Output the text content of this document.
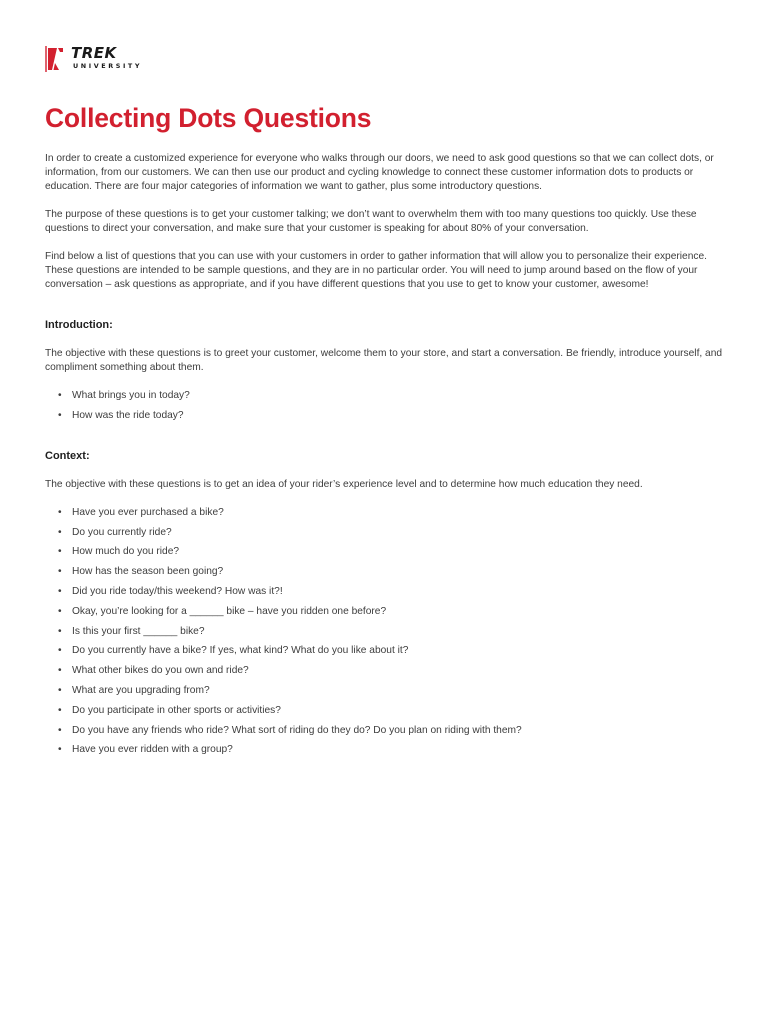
TREK
UNIVERSITY
Collecting Dots Questions

In order to create a customized experience for everyone who walks through our doors, we need to ask good questions so that we can collect dots, or information, from our customers. We can then use our product and cycling knowledge to connect these customer information dots to products or education. There are four major categories of information we want to gather, plus some introductory questions.

The purpose of these questions is to get your customer talking; we don’t want to overwhelm them with too many questions too quickly. Use these questions to direct your conversation, and make sure that your customer is speaking for about 80% of your conversation.

Find below a list of questions that you can use with your customers in order to gather information that will allow you to personalize their experience. These questions are intended to be sample questions, and they are in no particular order. You will need to jump around based on the flow of your conversation – ask questions as appropriate, and if you have different questions that you use to get to know your customer, awesome!

Introduction:

The objective with these questions is to greet your customer, welcome them to your store, and start a conversation. Be friendly, introduce yourself, and compliment something about them.

• What brings you in today?
• How was the ride today?
Context:

The objective with these questions is to get an idea of your rider’s experience level and to determine how much education they need.

• Have you ever purchased a bike?
• Do you currently ride?
• How much do you ride?
• How has the season been going?
• Did you ride today/this weekend? How was it?!
• Okay, you’re looking for a ______ bike – have you ridden one before?
• Is this your first ______ bike?
• Do you currently have a bike? If yes, what kind? What do you like about it?
• What other bikes do you own and ride?
• What are you upgrading from?
• Do you participate in other sports or activities?
• Do you have any friends who ride? What sort of riding do they do? Do you plan on riding with them?
• Have you ever ridden with a group?
